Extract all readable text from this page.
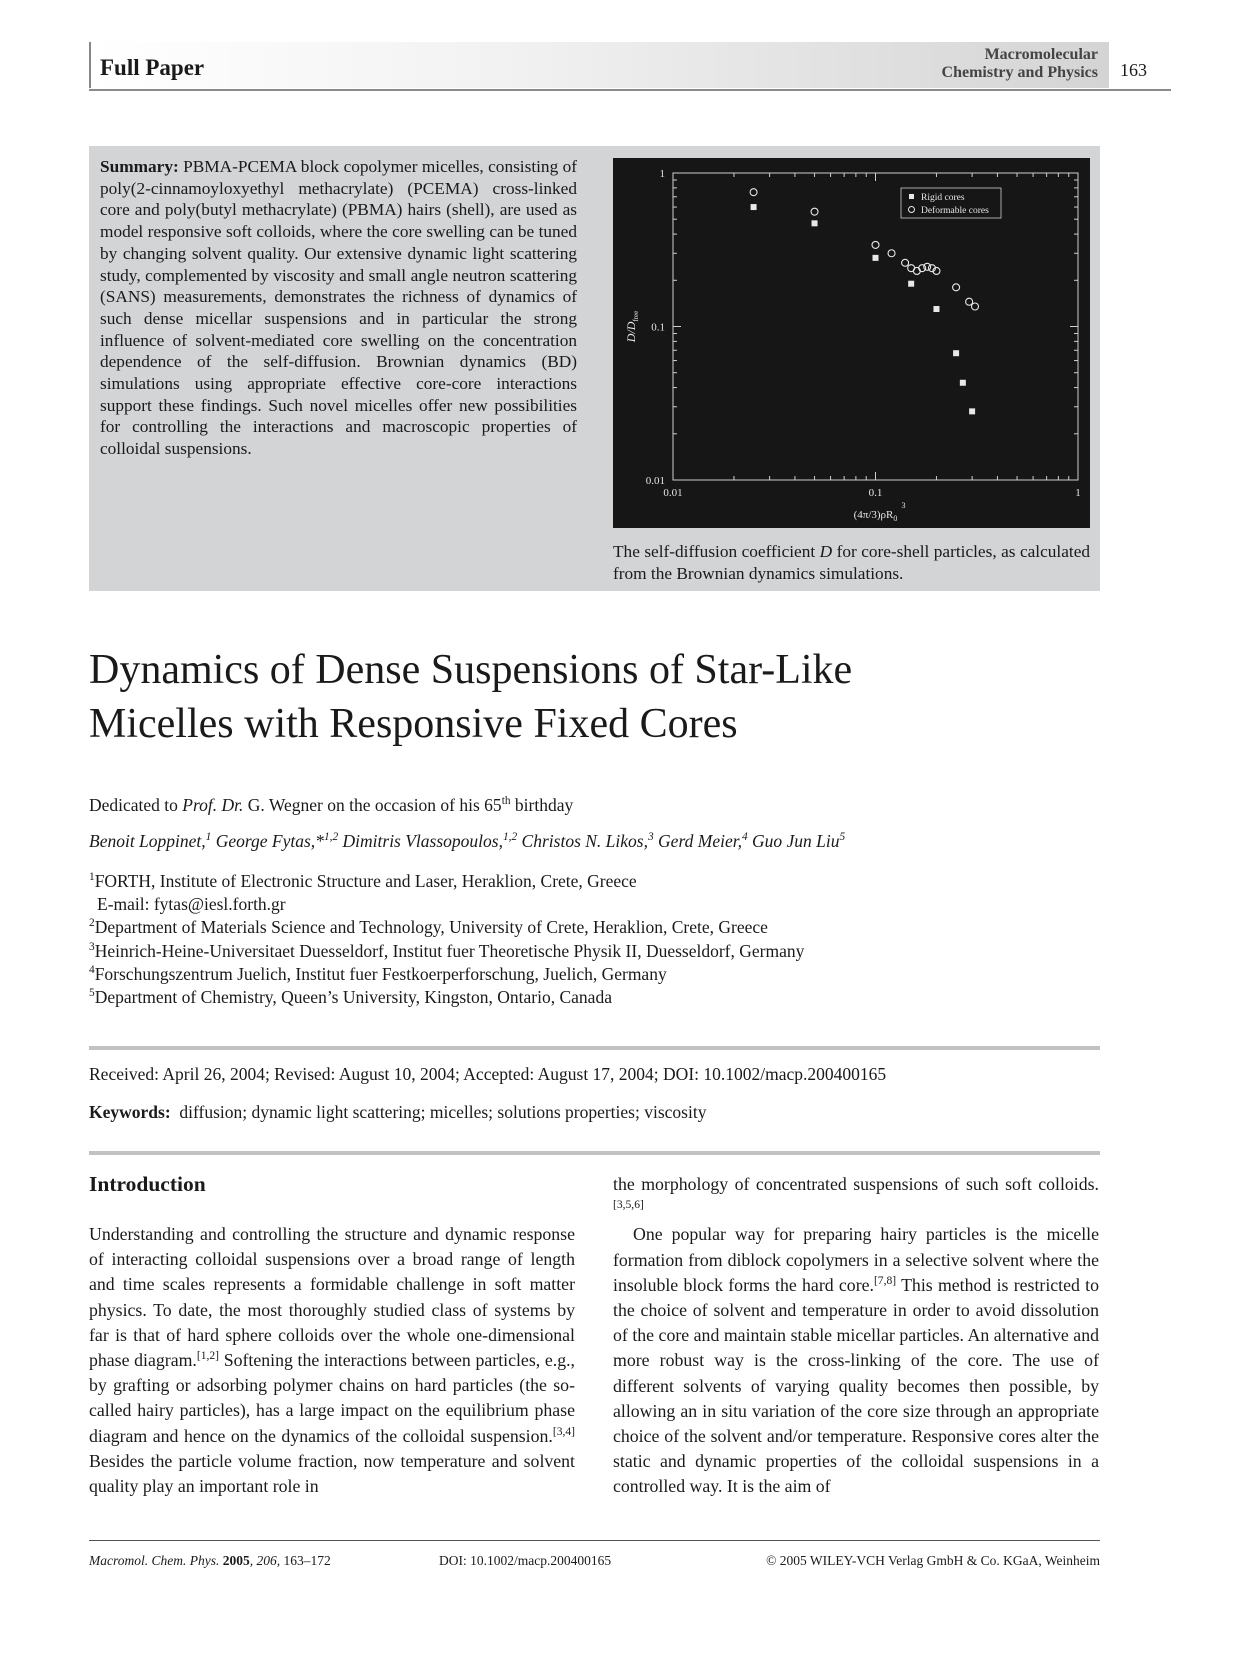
Full Paper
Macromolecular
Chemistry and Physics 163
Summary: PBMA-PCEMA block copolymer micelles, consisting of poly(2-cinnamoyloxyethyl methacrylate) (PCEMA) cross-linked core and poly(butyl methacrylate) (PBMA) hairs (shell), are used as model responsive soft colloids, where the core swelling can be tuned by changing solvent quality. Our extensive dynamic light scattering study, complemented by viscosity and small angle neutron scattering (SANS) measurements, demonstrates the richness of dynamics of such dense micellar suspensions and in particular the strong influence of solvent-mediated core swelling on the concentration dependence of the self-diffusion. Brownian dynamics (BD) simulations using appropriate effective core-core interactions support these findings. Such novel micelles offer new possibilities for controlling the interactions and macroscopic properties of colloidal suspensions.
0.01	0.1	1
0.01
0.1
1
$(4\pi/3)\rho R_0$
3
$D/D_{free}$
Rigid cores
Deformable cores
The self-diffusion coefficient D for core-shell particles, as calculated from the Brownian dynamics simulations.
Dynamics of Dense Suspensions of Star-Like
Micelles with Responsive Fixed Cores
Dedicated to Prof. Dr. G. Wegner on the occasion of his 65th birthday
Benoit Loppinet,$^1$ George Fytas,*$^{1,2}$ Dimitris Vlassopoulos,$^{1,2}$ Christos N. Likos,$^3$ Gerd Meier,$^4$ Guo Jun Liu$^5$
$^1$FORTH, Institute of Electronic Structure and Laser, Heraklion, Crete, Greece
E-mail: fytas@iesl.forth.gr
$^2$Department of Materials Science and Technology, University of Crete, Heraklion, Crete, Greece
$^3$Heinrich-Heine-Universitaet Duesseldorf, Institut fuer Theoretische Physik II, Duesseldorf, Germany
$^4$Forschungszentrum Juelich, Institut fuer Festkoerperforschung, Juelich, Germany
$^5$Department of Chemistry, Queen’s University, Kingston, Ontario, Canada
Received: April 26, 2004; Revised: August 10, 2004; Accepted: August 17, 2004; DOI: 10.1002/macp.200400165
Keywords: diffusion; dynamic light scattering; micelles; solutions properties; viscosity
Introduction

Understanding and controlling the structure and dynamic response of interacting colloidal suspensions over a broad range of length and time scales represents a formidable challenge in soft matter physics. To date, the most thoroughly studied class of systems by far is that of hard sphere colloids over the whole one-dimensional phase diagram.[1,2] Softening the interactions between particles, e.g., by grafting or adsorbing polymer chains on hard particles (the so-called hairy particles), has a large impact on the equilibrium phase diagram and hence on the dynamics of the colloidal suspension.[3,4] Besides the particle volume fraction, now temperature and solvent quality play an important role in

the morphology of concentrated suspensions of such soft colloids.[3,5,6]

One popular way for preparing hairy particles is the micelle formation from diblock copolymers in a selective solvent where the insoluble block forms the hard core.[7,8] This method is restricted to the choice of solvent and temperature in order to avoid dissolution of the core and maintain stable micellar particles. An alternative and more robust way is the cross-linking of the core. The use of different solvents of varying quality becomes then possible, by allowing an in situ variation of the core size through an appropriate choice of the solvent and/or temperature. Responsive cores alter the static and dynamic properties of the colloidal suspensions in a controlled way. It is the aim of

Macromol. Chem. Phys. 2005, 206, 163–172	DOI: 10.1002/macp.200400165	© 2005 WILEY-VCH Verlag GmbH & Co. KGaA, Weinheim
